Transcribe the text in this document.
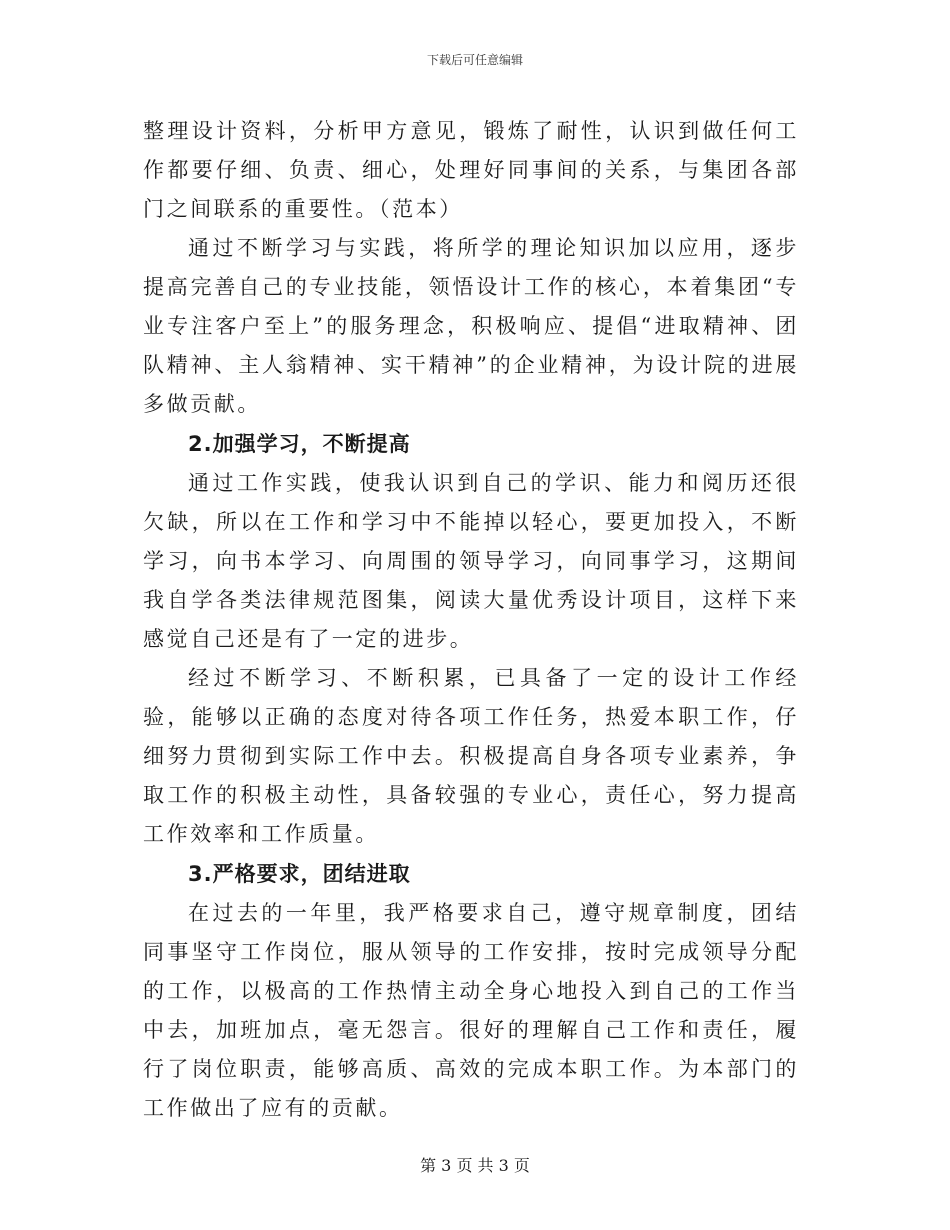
下载后可任意编辑

整理设计资料，分析甲方意见，锻炼了耐性，认识到做任何工作都要仔细、负责、细心，处理好同事间的关系，与集团各部门之间联系的重要性。（范本）

通过不断学习与实践，将所学的理论知识加以应用，逐步提高完善自己的专业技能，领悟设计工作的核心，本着集团“专业专注客户至上”的服务理念，积极响应、提倡“进取精神、团队精神、主人翁精神、实干精神”的企业精神，为设计院的进展多做贡献。

2.加强学习，不断提高

通过工作实践，使我认识到自己的学识、能力和阅历还很欠缺，所以在工作和学习中不能掉以轻心，要更加投入，不断学习，向书本学习、向周围的领导学习，向同事学习，这期间我自学各类法律规范图集，阅读大量优秀设计项目，这样下来感觉自己还是有了一定的进步。

经过不断学习、不断积累，已具备了一定的设计工作经验，能够以正确的态度对待各项工作任务，热爱本职工作，仔细努力贯彻到实际工作中去。积极提高自身各项专业素养，争取工作的积极主动性，具备较强的专业心，责任心，努力提高工作效率和工作质量。

3.严格要求，团结进取

在过去的一年里，我严格要求自己，遵守规章制度，团结同事坚守工作岗位，服从领导的工作安排，按时完成领导分配的工作，以极高的工作热情主动全身心地投入到自己的工作当中去，加班加点，毫无怨言。很好的理解自己工作和责任，履行了岗位职责，能够高质、高效的完成本职工作。为本部门的工作做出了应有的贡献。

第 3 页 共 3 页
